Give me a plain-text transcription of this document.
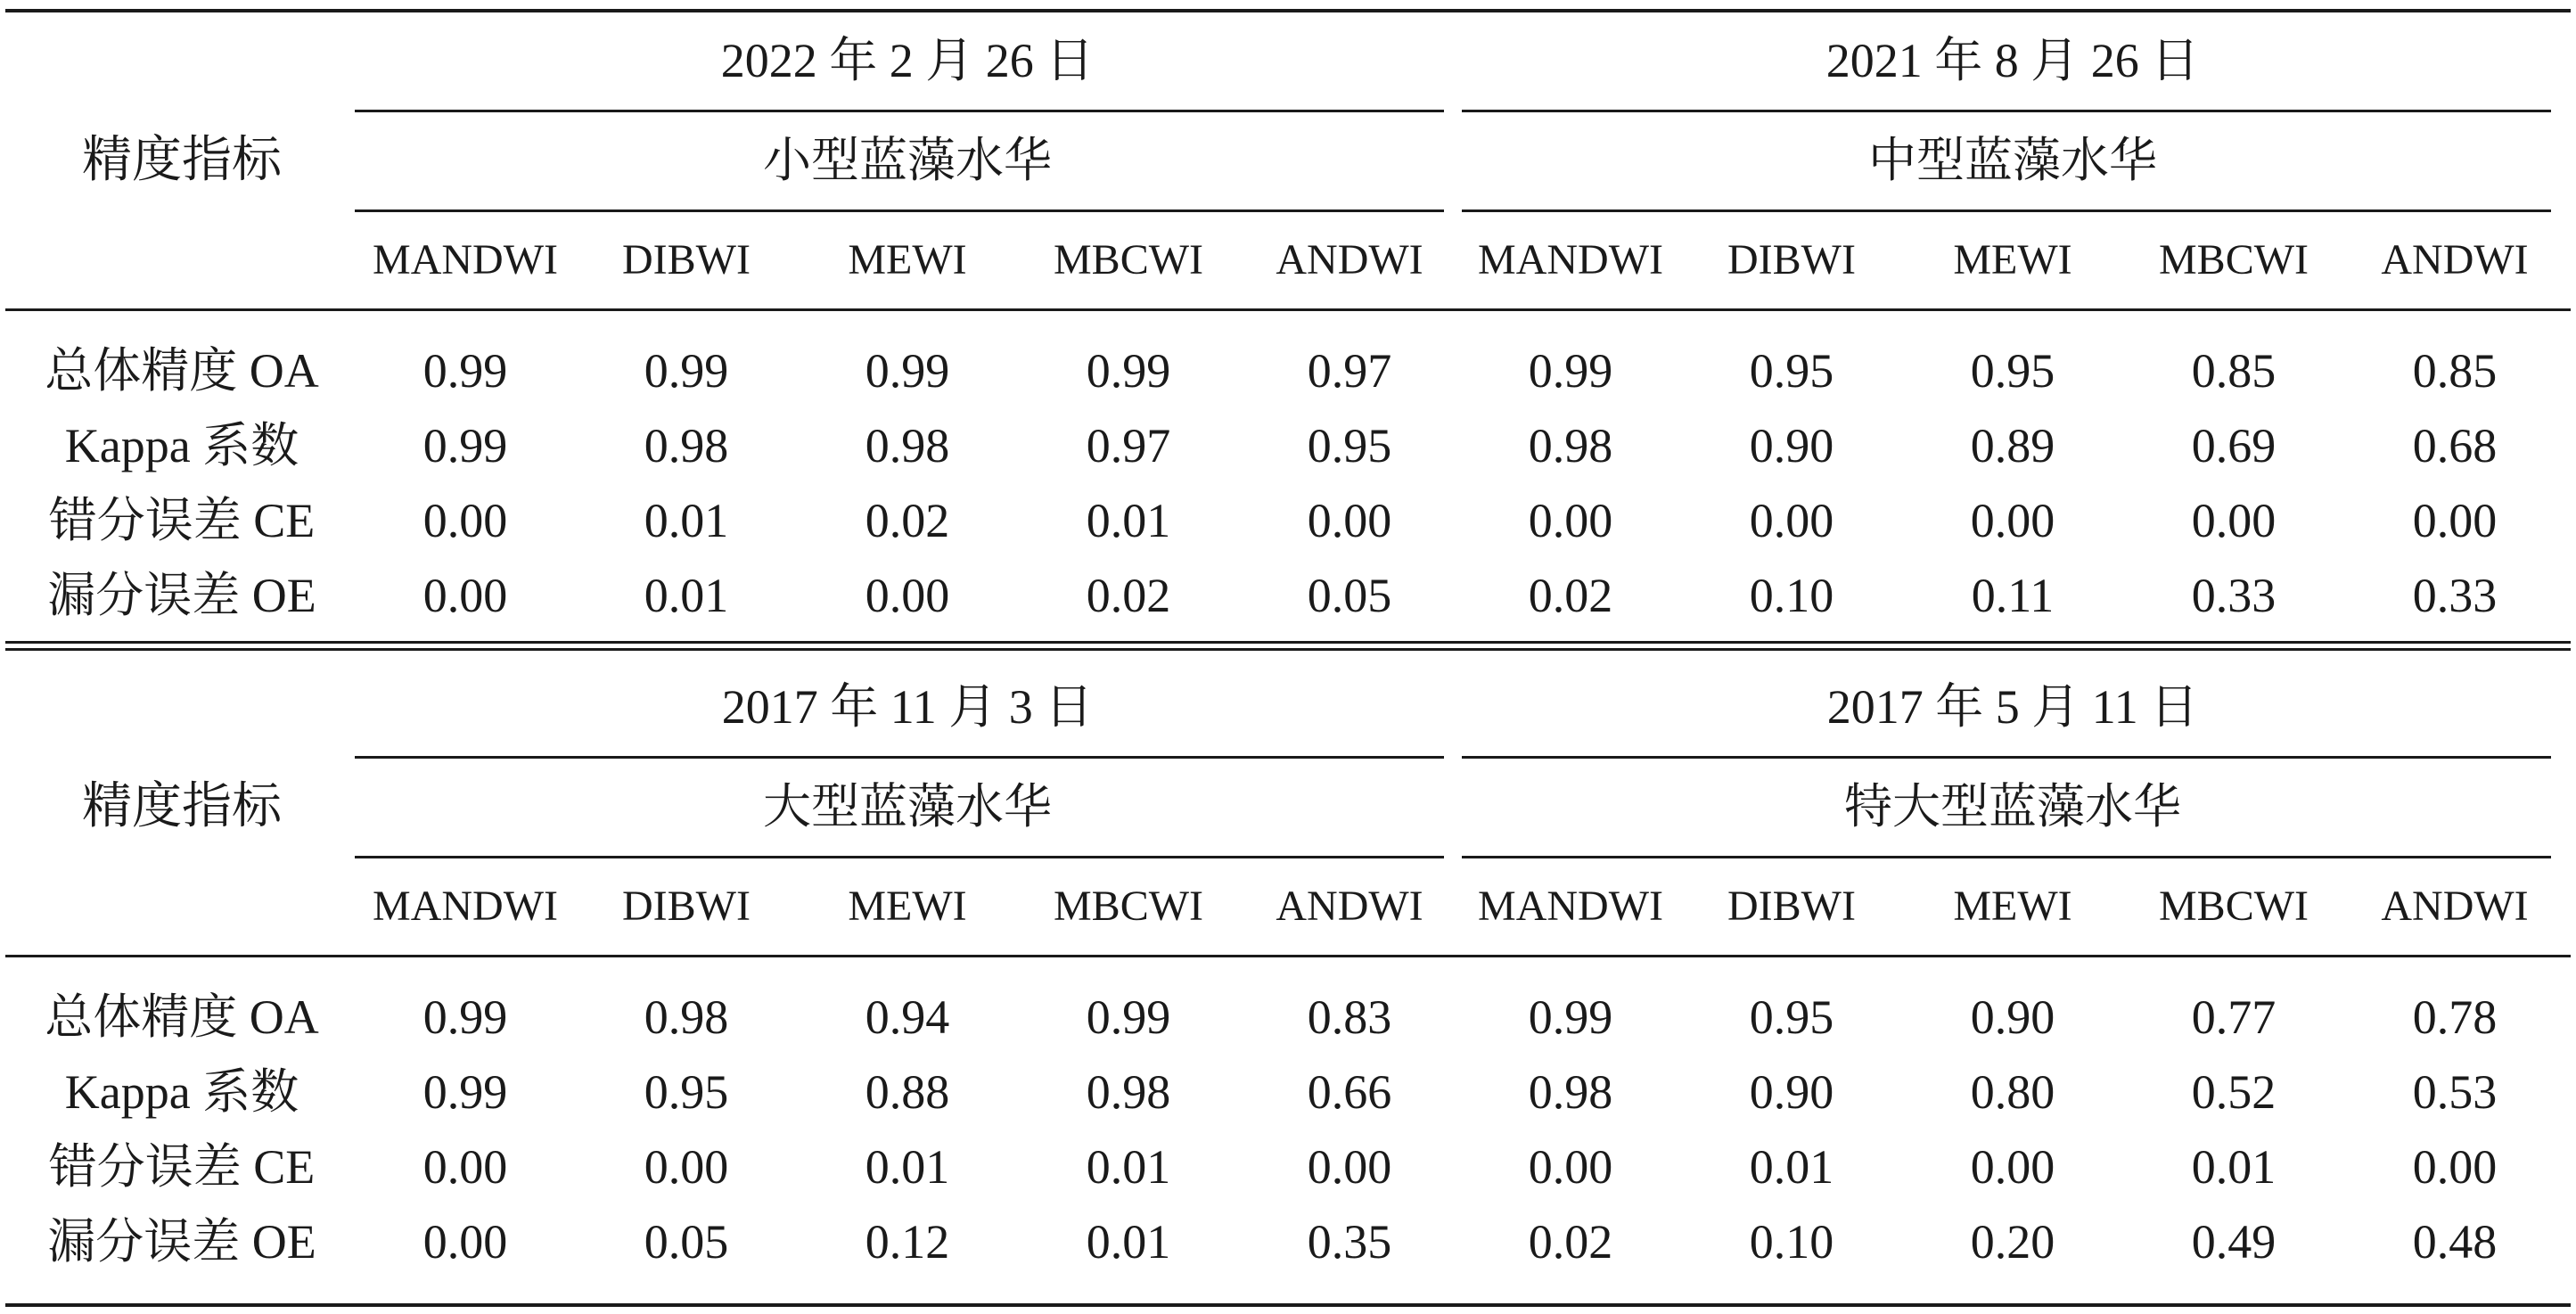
精度指标
2022 年 2 月 26 日	2021 年 8 月 26 日
小型蓝藻水华	中型蓝藻水华
MANDWI	DIBWI	MEWI	MBCWI	ANDWI	MANDWI	DIBWI	MEWI	MBCWI	ANDWI
总体精度 OA	0.99	0.99	0.99	0.99	0.97	0.99	0.95	0.95	0.85	0.85
Kappa 系数	0.99	0.98	0.98	0.97	0.95	0.98	0.90	0.89	0.69	0.68
错分误差 CE	0.00	0.01	0.02	0.01	0.00	0.00	0.00	0.00	0.00	0.00
漏分误差 OE	0.00	0.01	0.00	0.02	0.05	0.02	0.10	0.11	0.33	0.33
精度指标
2017 年 11 月 3 日	2017 年 5 月 11 日
大型蓝藻水华	特大型蓝藻水华
MANDWI	DIBWI	MEWI	MBCWI	ANDWI	MANDWI	DIBWI	MEWI	MBCWI	ANDWI
总体精度 OA	0.99	0.98	0.94	0.99	0.83	0.99	0.95	0.90	0.77	0.78
Kappa 系数	0.99	0.95	0.88	0.98	0.66	0.98	0.90	0.80	0.52	0.53
错分误差 CE	0.00	0.00	0.01	0.01	0.00	0.00	0.01	0.00	0.01	0.00
漏分误差 OE	0.00	0.05	0.12	0.01	0.35	0.02	0.10	0.20	0.49	0.48
